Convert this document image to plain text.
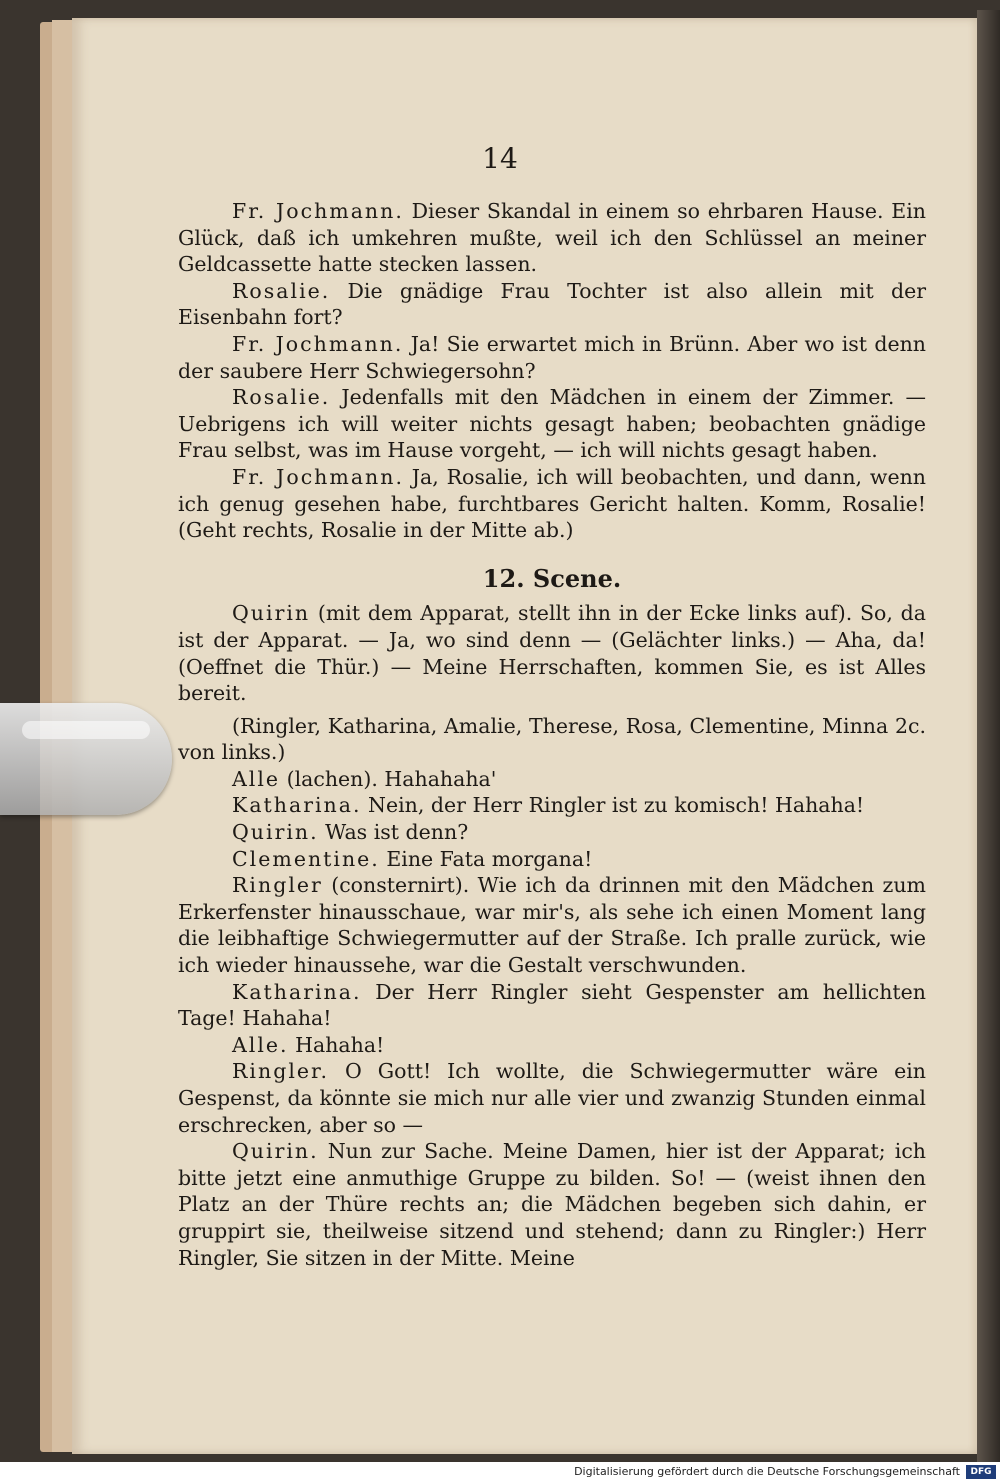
14

Fr. Jochmann. Dieser Skandal in einem so ehrbaren Hause. Ein Glück, daß ich umkehren mußte, weil ich den Schlüssel an meiner Geldcassette hatte stecken lassen.

Rosalie. Die gnädige Frau Tochter ist also allein mit der Eisenbahn fort?

Fr. Jochmann. Ja! Sie erwartet mich in Brünn. Aber wo ist denn der saubere Herr Schwiegersohn?

Rosalie. Jedenfalls mit den Mädchen in einem der Zimmer. — Uebrigens ich will weiter nichts gesagt haben; beobachten gnädige Frau selbst, was im Hause vorgeht, — ich will nichts gesagt haben.

Fr. Jochmann. Ja, Rosalie, ich will beobachten, und dann, wenn ich genug gesehen habe, furchtbares Gericht halten. Komm, Rosalie! (Geht rechts, Rosalie in der Mitte ab.)

12. Scene.

Quirin (mit dem Apparat, stellt ihn in der Ecke links auf). So, da ist der Apparat. — Ja, wo sind denn — (Gelächter links.) — Aha, da! (Oeffnet die Thür.) — Meine Herrschaften, kommen Sie, es ist Alles bereit.

(Ringler, Katharina, Amalie, Therese, Rosa, Clementine, Minna 2c. von links.)

Alle (lachen). Hahahaha'

Katharina. Nein, der Herr Ringler ist zu komisch! Hahaha!

Quirin. Was ist denn?

Clementine. Eine Fata morgana!

Ringler (consternirt). Wie ich da drinnen mit den Mädchen zum Erkerfenster hinausschaue, war mir's, als sehe ich einen Moment lang die leibhaftige Schwiegermutter auf der Straße. Ich pralle zurück, wie ich wieder hinaussehe, war die Gestalt verschwunden.

Katharina. Der Herr Ringler sieht Gespenster am hellichten Tage! Hahaha!

Alle. Hahaha!

Ringler. O Gott! Ich wollte, die Schwiegermutter wäre ein Gespenst, da könnte sie mich nur alle vier und zwanzig Stunden einmal erschrecken, aber so —

Quirin. Nun zur Sache. Meine Damen, hier ist der Apparat; ich bitte jetzt eine anmuthige Gruppe zu bilden. So! — (weist ihnen den Platz an der Thüre rechts an; die Mädchen begeben sich dahin, er gruppirt sie, theilweise sitzend und stehend; dann zu Ringler:) Herr Ringler, Sie sitzen in der Mitte. Meine

Digitalisierung gefördert durch die Deutsche Forschungsgemeinschaft	DFG
